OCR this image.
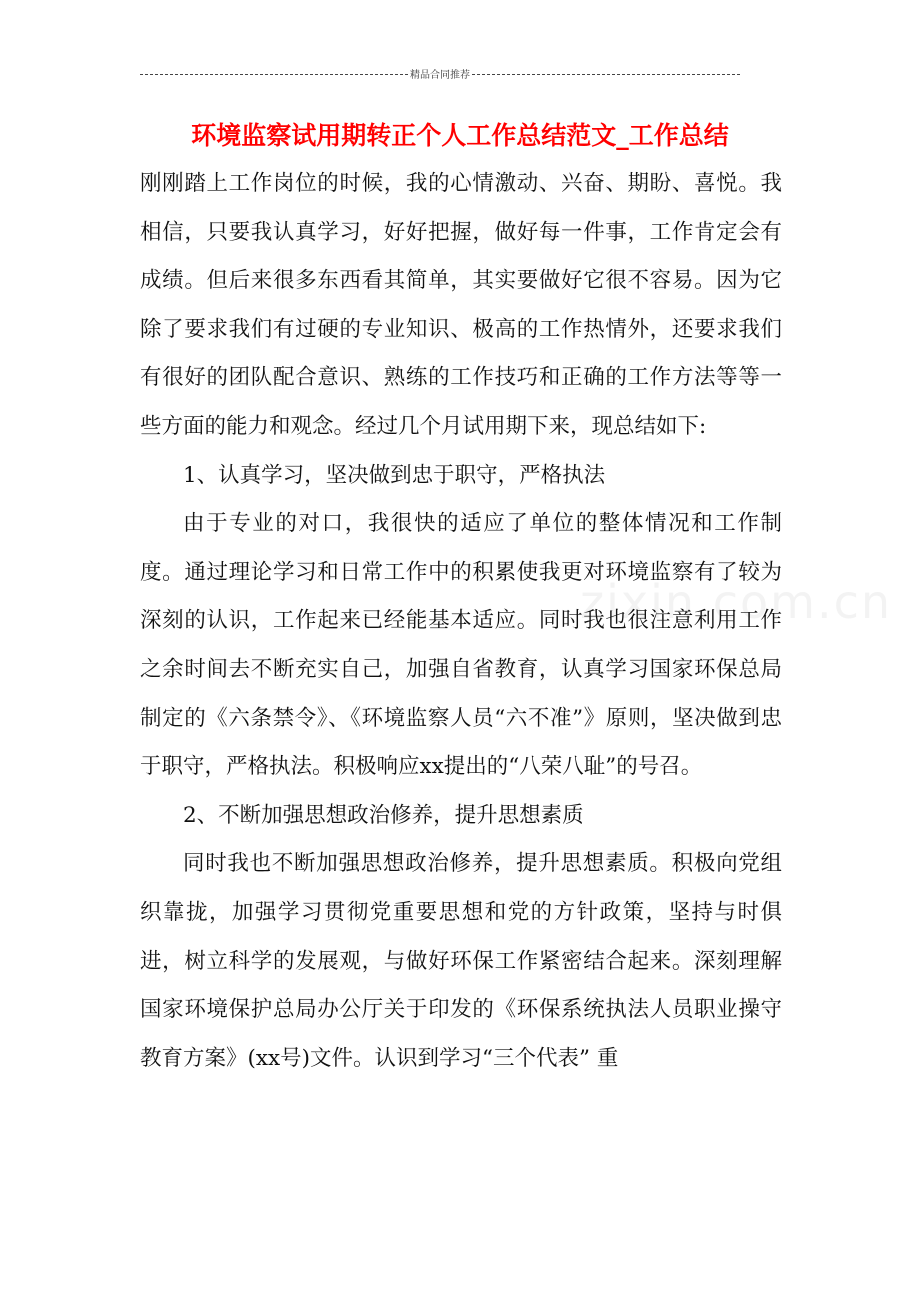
精品合同推荐
环境监察试用期转正个人工作总结范文_工作总结
zixin.com.cn

刚刚踏上工作岗位的时候，我的心情激动、兴奋、期盼、喜悦。我相信，只要我认真学习，好好把握，做好每一件事，工作肯定会有成绩。但后来很多东西看其简单，其实要做好它很不容易。因为它除了要求我们有过硬的专业知识、极高的工作热情外，还要求我们有很好的团队配合意识、熟练的工作技巧和正确的工作方法等等一些方面的能力和观念。经过几个月试用期下来，现总结如下:

1、认真学习，坚决做到忠于职守，严格执法

由于专业的对口，我很快的适应了单位的整体情况和工作制度。通过理论学习和日常工作中的积累使我更对环境监察有了较为深刻的认识，工作起来已经能基本适应。同时我也很注意利用工作之余时间去不断充实自己，加强自省教育，认真学习国家环保总局制定的《六条禁令》、《环境监察人员“六不准”》原则，坚决做到忠于职守，严格执法。积极响应xx提出的“八荣八耻”的号召。

2、不断加强思想政治修养，提升思想素质

同时我也不断加强思想政治修养，提升思想素质。积极向党组织靠拢，加强学习贯彻党重要思想和党的方针政策，坚持与时俱进，树立科学的发展观，与做好环保工作紧密结合起来。深刻理解国家环境保护总局办公厅关于印发的《环保系统执法人员职业操守教育方案》(xx号)文件。认识到学习“三个代表” 重
